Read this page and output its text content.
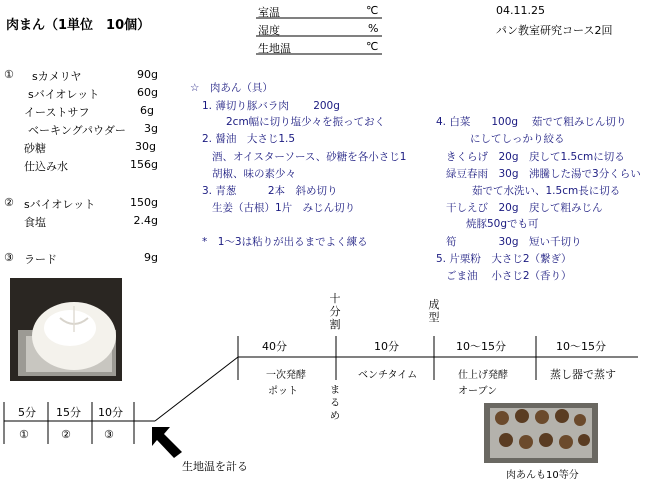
肉まん（1単位　10個）
室温	℃
湿度	%
生地温	℃
04.11.25
パン教室研究コース2回
① sカメリヤ	90g
sバイオレット	60g
イーストサフ	6g
ベーキングパウダー 3g
砂糖	30g
仕込み水	156g
② sバイオレット	150g
食塩	2.4g
③ ラード	9g
☆　肉あん（具）
1. 薄切り豚バラ肉　　 200g
2cm幅に切り塩少々を振っておく
2. 醤油　大さじ1.5
酒、オイスターソース、砂糖を各小さじ1
胡椒、味の素少々
3. 青葱　　　2本　斜め切り
生姜（古根）1片　みじん切り
*　1～3は粘りが出るまでよく練る
4. 白菜　　100g　 茹でて粗みじん切り
にしてしっかり絞る
きくらげ　20g　戻して1.5cmに切る
緑豆春雨　30g　沸騰した湯で3分くらい
茹でて水洗い、1.5cm長に切る
干しえび　20g　戻して粗みじん
焼豚50gでも可
筍　　　　30g　短い千切り
5. 片栗粉　大さじ2（繋ぎ）
ごま油　 小さじ2（香り）
5分 15分 10分
①	②	③
40分	10分	10～15分	10～15分
一次発酵
ポット
ベンチタイム	仕上げ発酵
オーブン
蒸し器で蒸す
十分割
成型
まるめ
生地温を計る
肉あんも10等分
